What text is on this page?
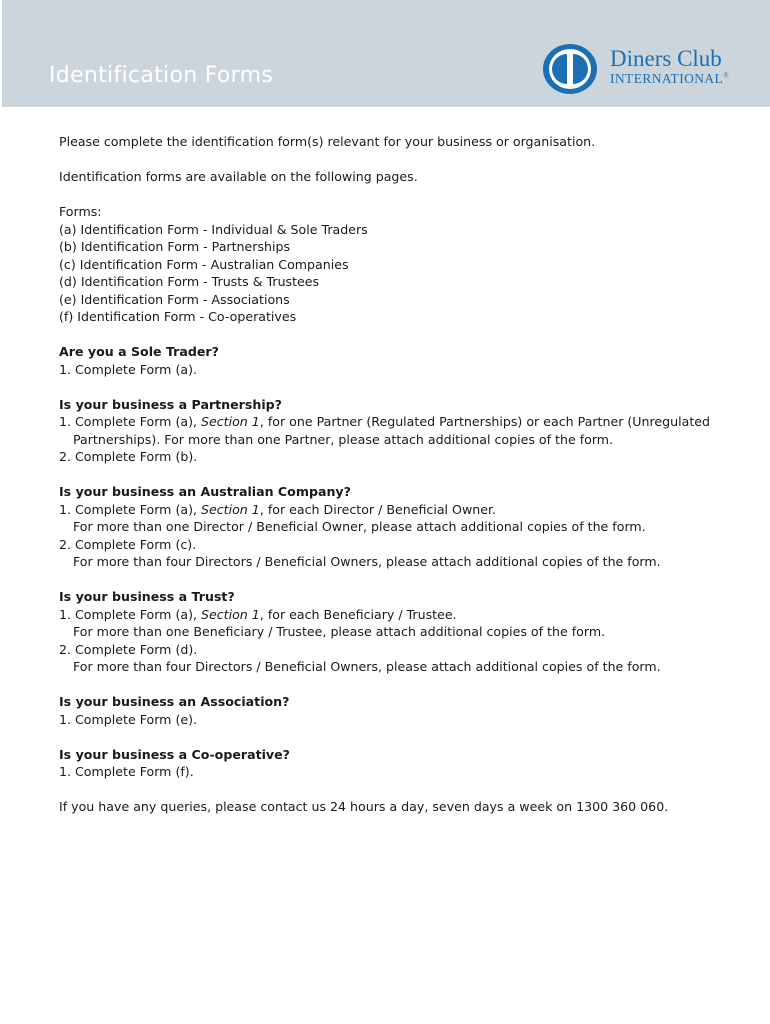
Identification Forms
Diners Club
INTERNATIONAL®

Please complete the identification form(s) relevant for your business or organisation.

Identification forms are available on the following pages.

Forms:

(a) Identification Form - Individual & Sole Traders
(b) Identification Form - Partnerships
(c) Identification Form - Australian Companies
(d) Identification Form - Trusts & Trustees
(e) Identification Form - Associations
(f) Identification Form - Co-operatives

Are you a Sole Trader?

1. Complete Form (a).

Is your business a Partnership?

1. Complete Form (a), Section 1, for one Partner (Regulated Partnerships) or each Partner (Unregulated

Partnerships). For more than one Partner, please attach additional copies of the form.

2. Complete Form (b).

Is your business an Australian Company?

1. Complete Form (a), Section 1, for each Director / Beneficial Owner.

For more than one Director / Beneficial Owner, please attach additional copies of the form.

2. Complete Form (c).

For more than four Directors / Beneficial Owners, please attach additional copies of the form.

Is your business a Trust?

1. Complete Form (a), Section 1, for each Beneficiary / Trustee.

For more than one Beneficiary / Trustee, please attach additional copies of the form.

2. Complete Form (d).

For more than four Directors / Beneficial Owners, please attach additional copies of the form.

Is your business an Association?

1. Complete Form (e).

Is your business a Co-operative?

1. Complete Form (f).

If you have any queries, please contact us 24 hours a day, seven days a week on 1300 360 060.
